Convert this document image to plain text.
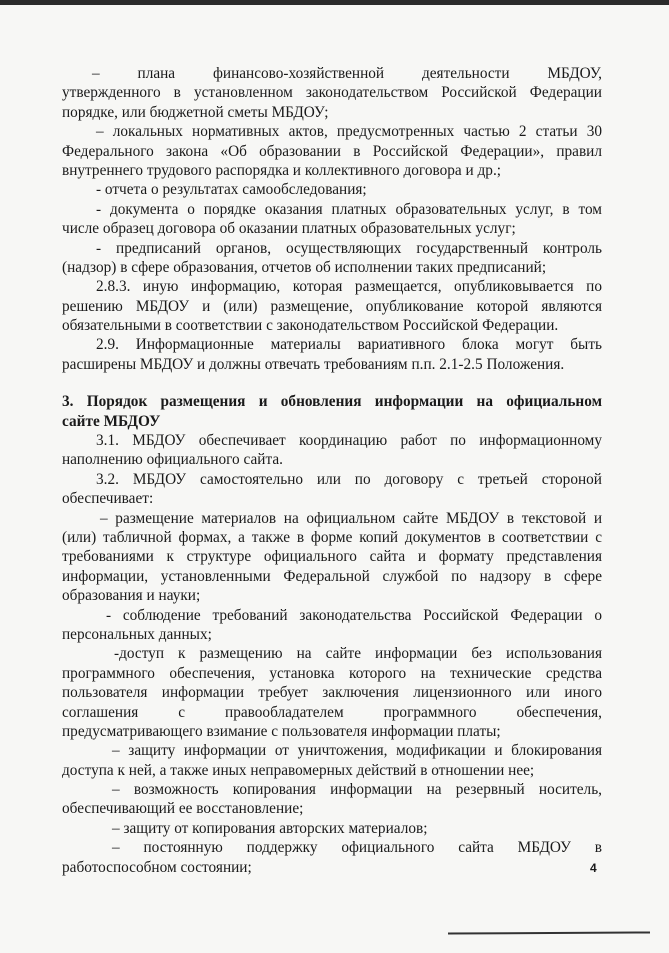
– плана финансово-хозяйственной деятельности МБДОУ,
утвержденного в установленном законодательством Российской Федерации
порядке, или бюджетной сметы МБДОУ;
– локальных нормативных актов, предусмотренных частью 2 статьи 30
Федерального закона «Об образовании в Российской Федерации», правил
внутреннего трудового распорядка и коллективного договора и др.;
- отчета о результатах самообследования;
- документа о порядке оказания платных образовательных услуг, в том
числе образец договора об оказании платных образовательных услуг;
- предписаний органов, осуществляющих государственный контроль
(надзор) в сфере образования, отчетов об исполнении таких предписаний;
2.8.3. иную информацию, которая размещается, опубликовывается по
решению МБДОУ и (или) размещение, опубликование которой являются
обязательными в соответствии с законодательством Российской Федерации.
2.9. Информационные материалы вариативного блока могут быть
расширены МБДОУ и должны отвечать требованиям п.п. 2.1-2.5 Положения.
3. Порядок размещения и обновления информации на официальном
сайте МБДОУ
3.1. МБДОУ обеспечивает координацию работ по информационному
наполнению официального сайта.
3.2. МБДОУ самостоятельно или по договору с третьей стороной
обеспечивает:
– размещение материалов на официальном сайте МБДОУ в текстовой и
(или) табличной формах, а также в форме копий документов в соответствии с
требованиями к структуре официального сайта и формату представления
информации, установленными Федеральной службой по надзору в сфере
образования и науки;
- соблюдение требований законодательства Российской Федерации о
персональных данных;
-доступ к размещению на сайте информации без использования
программного обеспечения, установка которого на технические средства
пользователя информации требует заключения лицензионного или иного
соглашения с правообладателем программного обеспечения,
предусматривающего взимание с пользователя информации платы;
– защиту информации от уничтожения, модификации и блокирования
доступа к ней, а также иных неправомерных действий в отношении нее;
– возможность копирования информации на резервный носитель,
обеспечивающий ее восстановление;
– защиту от копирования авторских материалов;
– постоянную поддержку официального сайта МБДОУ в
работоспособном состоянии;	4
